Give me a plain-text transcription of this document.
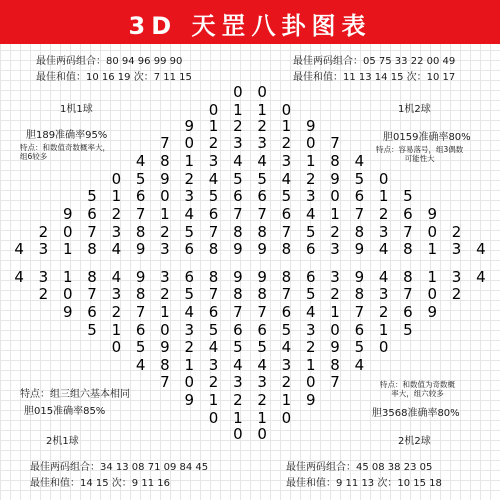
3D 天罡八卦图表
最佳两码组合：80 94 96 99 90
最佳和值：10 16 19 次：7 11 15
1机1球
胆189准确率95%
特点：和数值奇数概率大，
组6较多
最佳两码组合：05 75 33 22 00 49
最佳和值：11 13 14 15 次：10 17
1机2球
胆0159准确率80%
特点：容易落号，组3偶数
可能性大
特点：组三组六基本相同
胆015准确率85%
2机1球
最佳两码组合：34 13 08 71 09 84 45
最佳和值：14 15 次：9 11 16
特点：和数值为奇数概
率大，组六较多
胆3568准确率80%
2机2球
最佳两码组合：45 08 38 23 05
最佳和值：9 11 13 次：10 15 18
0 0
0 1 1 0
9 1 2 2 1 9
7 0 2 3 3 2 0 7
4 8 1 3 4 4 3 1 8 4
0 5 9 2 4 5 5 4 2 9 5 0
5 1 6 0 3 5 6 6 5 3 0 6 1 5
9 6 2 7 1 4 6 7 7 6 4 1 7 2 6 9
2 0 7 3 8 2 5 7 8 8 7 5 2 8 3 7 0 2
4 3 1 8 4 9 3 6 8 9 9 8 6 3 9 4 8 1 3 4
4 3 1 8 4 9 3 6 8 9 9 8 6 3 9 4 8 1 3 4
2 0 7 3 8 2 5 7 8 8 7 5 2 8 3 7 0 2
9 6 2 7 1 4 6 7 7 6 4 1 7 2 6 9
5 1 6 0 3 5 6 6 5 3 0 6 1 5
0 5 9 2 4 5 5 4 2 9 5 0
4 8 1 3 4 4 3 1 8 4
7 0 2 3 3 2 0 7
9 1 2 2 1 9
0 1 1 0
0 0
